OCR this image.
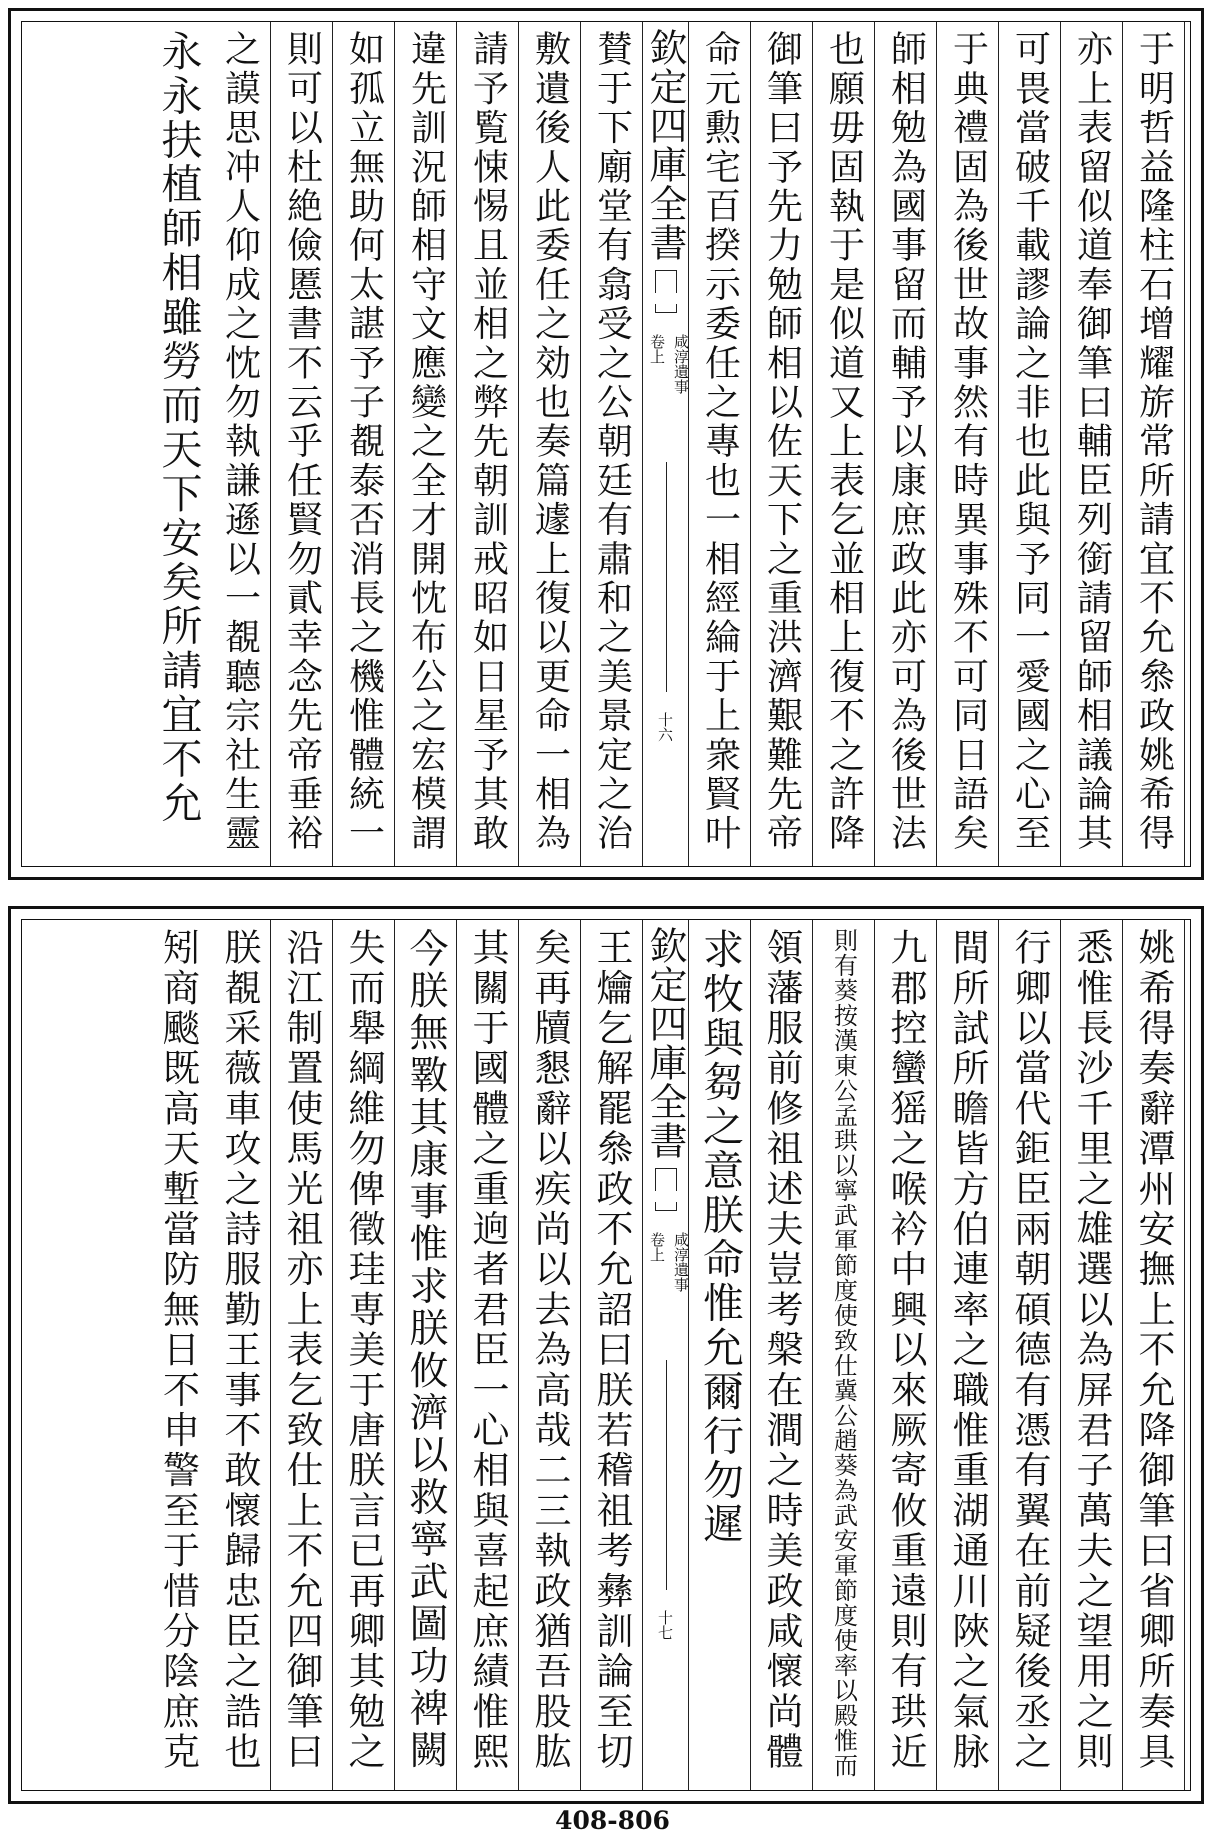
于明哲益隆柱石增耀旂常所請宜不允叅政姚希得
亦上表留似道奉御筆曰輔臣列銜請留師相議論其
可畏當破千載謬論之非也此與予同一愛國之心至
于典禮固為後世故事然有時異事殊不可同日語矣
師相勉為國事留而輔予以康庶政此亦可為後世法
也願毋固執于是似道又上表乞並相上復不之許降
御筆曰予先力勉師相以佐天下之重洪濟艱難先帝
命元勲宅百揆示委任之專也一相經綸于上衆賢叶
欽定四庫全書
咸淳遺事
卷上
十六
賛于下廟堂有翕受之公朝廷有肅和之美景定之治
敷遺後人此委任之効也奏篇遽上復以更命一相為
請予覧悚惕且並相之弊先朝訓戒昭如日星予其敢
違先訓況師相守文應變之全才開忱布公之宏模謂
如孤立無助何太諶予子覩泰否消長之機惟體統一
則可以杜絶儉慝書不云乎任賢勿貳幸念先帝垂裕
之謨思冲人仰成之忱勿執謙遜以一覩聽宗社生靈
永永扶植師相雖勞而天下安矣所請宜不允
姚希得奏辭潭州安撫上不允降御筆曰省卿所奏具
悉惟長沙千里之雄選以為屏君子萬夫之望用之則
行卿以當代鉅臣兩朝碩德有憑有翼在前疑後丞之
間所試所瞻皆方伯連率之職惟重湖通川陜之氣脉
九郡控蠻猺之喉衿中興以來厥寄攸重遠則有珙近
則有葵按漢東公孟珙以寧武軍節度使致仕冀公趙葵為武安軍節度使率以殿惟而
領藩服前修祖述夫豈考槃在澗之時美政咸懷尚體
求牧與芻之意朕命惟允爾行勿遲
欽定四庫全書
咸淳遺事
卷上
十七
王爚乞解罷叅政不允詔曰朕若稽祖考彝訓論至切
矣再牘懇辭以疾尚以去為高哉二三執政猶吾股肱
其關于國體之重逈者君臣一心相與喜起庶績惟熙
今朕無斁其康事惟求朕攸濟以救寧武圖功裨闕
失而舉綱維勿俾徵珪専美于唐朕言已再卿其勉之
沿江制置使馬光祖亦上表乞致仕上不允四御筆曰
朕覩采薇車攻之詩服勤王事不敢懷歸忠臣之誥也
矧商颷既高天塹當防無日不申警至于惜分陰庶克
408-806
